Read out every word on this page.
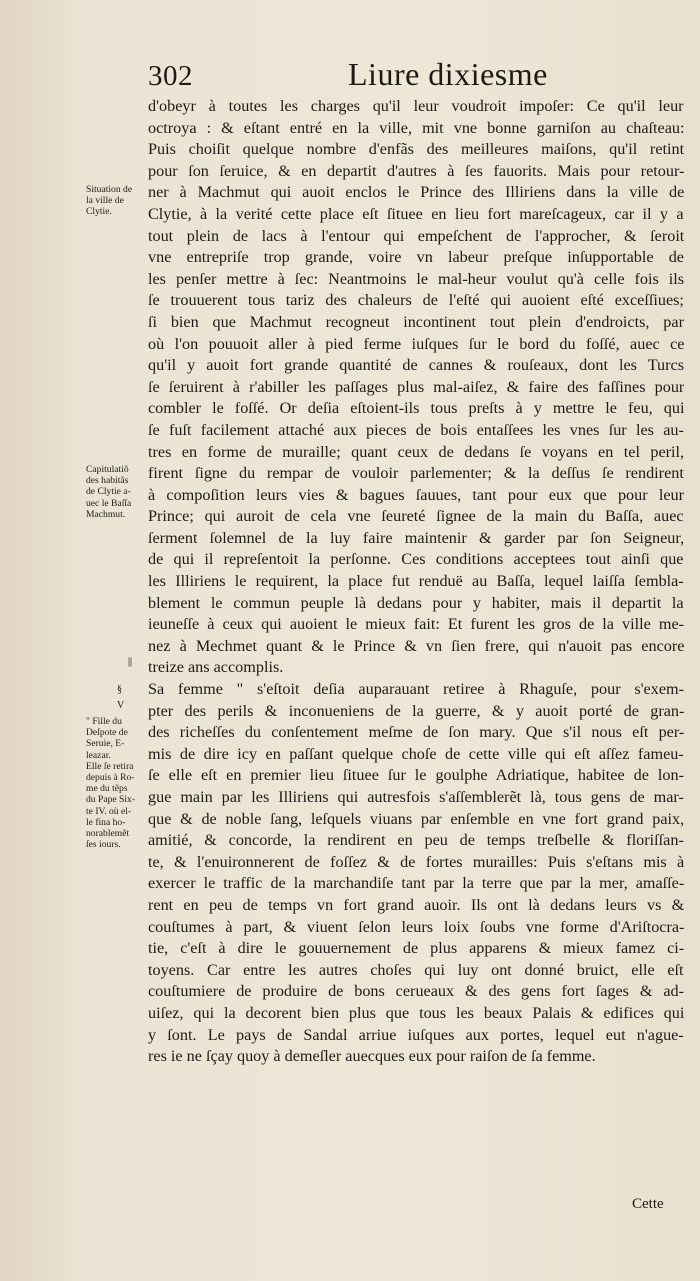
302	Liure dixiesme
d'obeyr à toutes les charges qu'il leur voudroit impoſer: Ce qu'il leur
octroya : & eſtant entré en la ville, mit vne bonne garniſon au chaſteau:
Puis choiſit quelque nombre d'enfãs des meilleures maiſons, qu'il retint
pour ſon ſeruice, & en departit d'autres à ſes fauorits. Mais pour retour-
ner à Machmut qui auoit enclos le Prince des Illiriens dans la ville de
Clytie, à la verité cette place eſt ſituee en lieu fort mareſcageux, car il y a
tout plein de lacs à l'entour qui empeſchent de l'approcher, & ſeroit
vne entrepriſe trop grande, voire vn labeur preſque inſupportable de
les penſer mettre à ſec: Neantmoins le mal-heur voulut qu'à celle fois ils
ſe trouuerent tous tariz des chaleurs de l'eſté qui auoient eſté exceſſiues;
ſi bien que Machmut recogneut incontinent tout plein d'endroicts, par
où l'on pouuoit aller à pied ferme iuſques ſur le bord du foſſé, auec ce
qu'il y auoit fort grande quantité de cannes & rouſeaux, dont les Turcs
ſe ſeruirent à r'abiller les paſſages plus mal-aiſez, & faire des faſſines pour
combler le foſſé. Or deſia eſtoient-ils tous preſts à y mettre le feu, qui
ſe fuſt facilement attaché aux pieces de bois entaſſees les vnes ſur les au-
tres en forme de muraille; quant ceux de dedans ſe voyans en tel peril,
firent ſigne du rempar de vouloir parlementer; & la deſſus ſe rendirent
à compoſition leurs vies & bagues ſauues, tant pour eux que pour leur
Prince; qui auroit de cela vne ſeureté ſignee de la main du Baſſa, auec
ſerment ſolemnel de la luy faire maintenir & garder par ſon Seigneur,
de qui il repreſentoit la perſonne. Ces conditions acceptees tout ainſi que
les Illiriens le requirent, la place fut renduë au Baſſa, lequel laiſſa ſembla-
blement le commun peuple là dedans pour y habiter, mais il departit la
ieuneſſe à ceux qui auoient le mieux fait: Et furent les gros de la ville me-
nez à Mechmet quant & le Prince & vn ſien frere, qui n'auoit pas encore
treize ans accomplis.
Sa femme " s'eſtoit deſia auparauant retiree à Rhaguſe, pour s'exem-
pter des perils & inconueniens de la guerre, & y auoit porté de gran-
des richeſſes du conſentement meſme de ſon mary. Que s'il nous eſt per-
mis de dire icy en paſſant quelque choſe de cette ville qui eſt aſſez fameu-
ſe elle eſt en premier lieu ſituee ſur le goulphe Adriatique, habitee de lon-
gue main par les Illiriens qui autresfois s'aſſemblerẽt là, tous gens de mar-
que & de noble ſang, leſquels viuans par enſemble en vne fort grand paix,
amitié, & concorde, la rendirent en peu de temps treſbelle & floriſſan-
te, & l'enuironnerent de foſſez & de fortes murailles: Puis s'eſtans mis à
exercer le traffic de la marchandiſe tant par la terre que par la mer, amaſſe-
rent en peu de temps vn fort grand auoir. Ils ont là dedans leurs vs &
couſtumes à part, & viuent ſelon leurs loix ſoubs vne forme d'Ariſtocra-
tie, c'eſt à dire le gouuernement de plus apparens & mieux famez ci-
toyens. Car entre les autres choſes qui luy ont donné bruict, elle eſt
couſtumiere de produire de bons cerueaux & des gens fort ſages & ad-
uiſez, qui la decorent bien plus que tous les beaux Palais & edifices qui
y ſont. Le pays de Sandal arriue iuſques aux portes, lequel eut n'ague-
res ie ne ſçay quoy à demeſler auecques eux pour raiſon de ſa femme.
Situation de
la ville de
Clytie.
Capitulatiõ
des habitãs
de Clytie a-
uec le Baſſa
Machmut.
§
V
" Fille du
Deſpote de
Seruie, E-
leazar.
Elle ſe retira
depuis à Ro-
me du tẽps
du Pape Six-
te IV. où el-
le fina ho-
norablemẽt
ſes iours.
Cette
